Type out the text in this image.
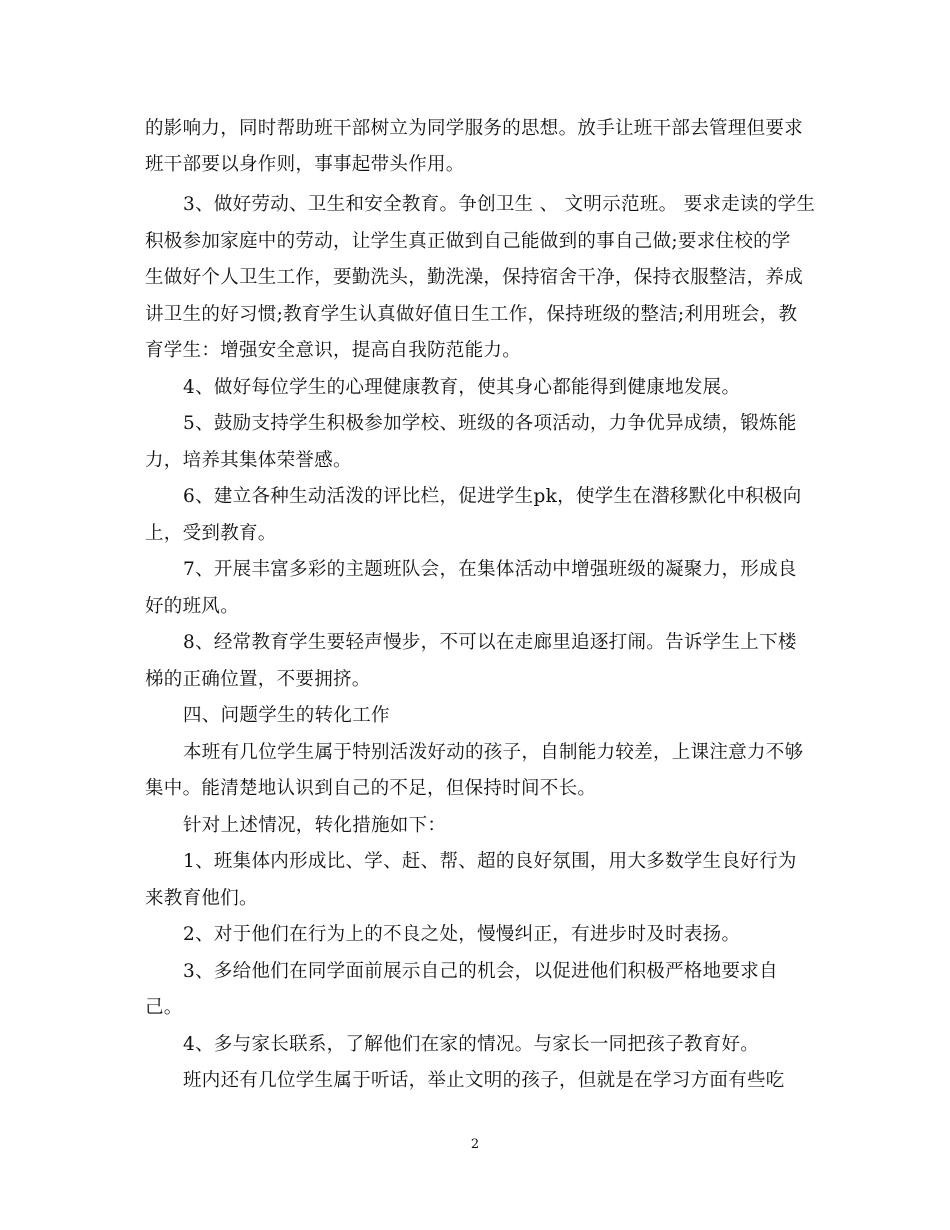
的影响力，同时帮助班干部树立为同学服务的思想。放手让班干部去管理但要求
班干部要以身作则，事事起带头作用。
3、做好劳动、卫生和安全教育。争创卫生 、 文明示范班。 要求走读的学生
积极参加家庭中的劳动，让学生真正做到自己能做到的事自己做;要求住校的学
生做好个人卫生工作，要勤洗头，勤洗澡，保持宿舍干净，保持衣服整洁，养成
讲卫生的好习惯;教育学生认真做好值日生工作，保持班级的整洁;利用班会，教
育学生：增强安全意识，提高自我防范能力。
4、做好每位学生的心理健康教育，使其身心都能得到健康地发展。
5、鼓励支持学生积极参加学校、班级的各项活动，力争优异成绩，锻炼能
力，培养其集体荣誉感。
6、建立各种生动活泼的评比栏，促进学生pk，使学生在潜移默化中积极向
上，受到教育。
7、开展丰富多彩的主题班队会，在集体活动中增强班级的凝聚力，形成良
好的班风。
8、经常教育学生要轻声慢步，不可以在走廊里追逐打闹。告诉学生上下楼
梯的正确位置，不要拥挤。
四、问题学生的转化工作
本班有几位学生属于特别活泼好动的孩子，自制能力较差，上课注意力不够
集中。能清楚地认识到自己的不足，但保持时间不长。
针对上述情况，转化措施如下：
1、班集体内形成比、学、赶、帮、超的良好氛围，用大多数学生良好行为
来教育他们。
2、对于他们在行为上的不良之处，慢慢纠正，有进步时及时表扬。
3、多给他们在同学面前展示自己的机会，以促进他们积极严格地要求自
己。
4、多与家长联系，了解他们在家的情况。与家长一同把孩子教育好。
班内还有几位学生属于听话，举止文明的孩子，但就是在学习方面有些吃
2
